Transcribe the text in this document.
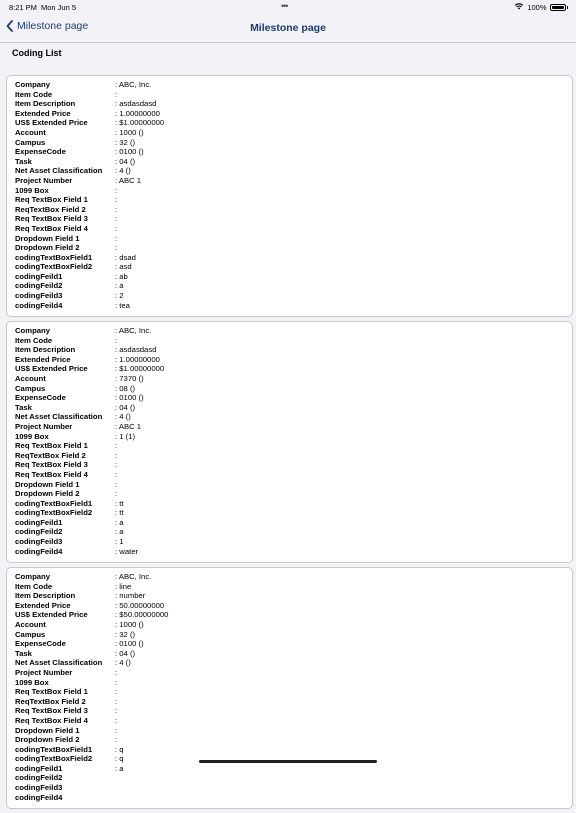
8:21 PM Mon Jun 5	•••	100%
Milestone page	Milestone page
Coding List
Company	: ABC, Inc.
Item Code	:
Item Description	: asdasdasd
Extended Price	: 1.00000000
US$ Extended Price	: $1.00000000
Account	: 1000 ()
Campus	: 32 ()
ExpenseCode	: 0100 ()
Task	: 04 ()
Net Asset Classification	: 4 ()
Project Number	: ABC 1
1099 Box	:
Req TextBox Field 1	:
ReqTextBox Field 2	:
Req TextBox Field 3	:
Req TextBox Field 4	:
Dropdown Field 1	:
Dropdown Field 2	:
codingTextBoxField1	: dsad
codingTextBoxField2	: asd
codingFeild1	: ab
codingFeild2	: a
codingFeild3	: 2
codingFeild4	: tea
Company	: ABC, Inc.
Item Code	:
Item Description	: asdasdasd
Extended Price	: 1.00000000
US$ Extended Price	: $1.00000000
Account	: 7370 ()
Campus	: 08 ()
ExpenseCode	: 0100 ()
Task	: 04 ()
Net Asset Classification	: 4 ()
Project Number	: ABC 1
1099 Box	: 1 (1)
Req TextBox Field 1	:
ReqTextBox Field 2	:
Req TextBox Field 3	:
Req TextBox Field 4	:
Dropdown Field 1	:
Dropdown Field 2	:
codingTextBoxField1	: tt
codingTextBoxField2	: tt
codingFeild1	: a
codingFeild2	: a
codingFeild3	: 1
codingFeild4	: water
Company	: ABC, Inc.
Item Code	: line
Item Description	: number
Extended Price	: 50.00000000
US$ Extended Price	: $50.00000000
Account	: 1000 ()
Campus	: 32 ()
ExpenseCode	: 0100 ()
Task	: 04 ()
Net Asset Classification	: 4 ()
Project Number	:
1099 Box	:
Req TextBox Field 1	:
ReqTextBox Field 2	:
Req TextBox Field 3	:
Req TextBox Field 4	:
Dropdown Field 1	:
Dropdown Field 2	:
codingTextBoxField1	: q
codingTextBoxField2	: q
codingFeild1	: a
codingFeild2
codingFeild3
codingFeild4
